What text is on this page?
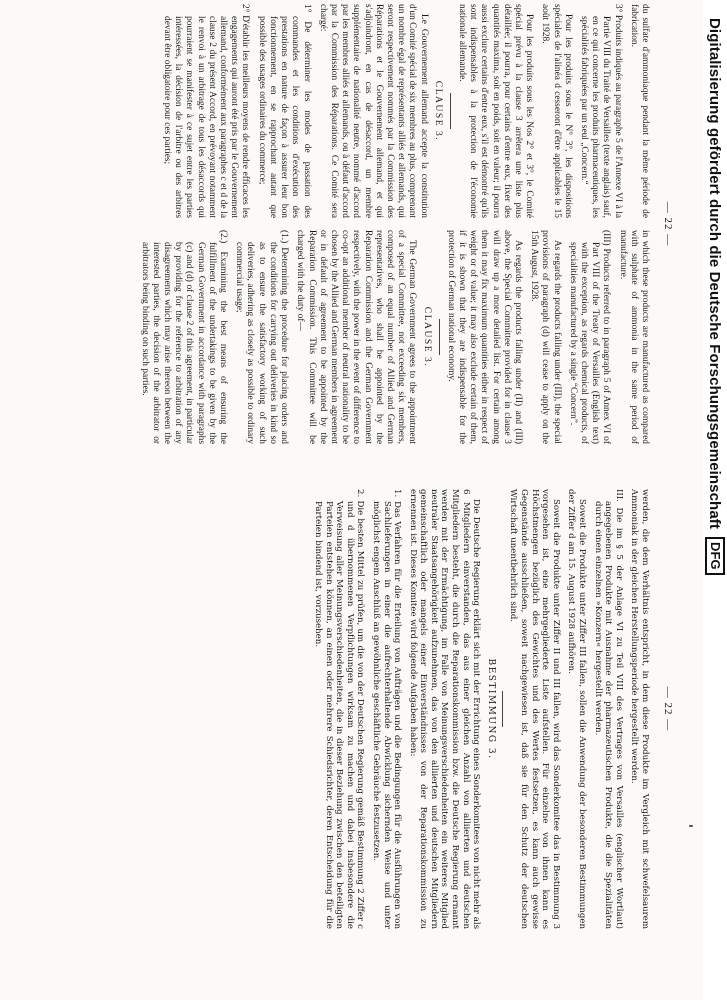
— 22 —

du sulfate d'ammoniaque pendant la même période de fabrication.

3° Produits indiqués au paragraphe 5 de l'Annexe VI à la Partie VIII du Traité de Versailles (texte anglais) sauf, en ce qui concerne les produits pharmaceutiques, les spécialités fabriquées par un seul „Concern.“

Pour les produits sous le N° 3°, les dispositions spéciales de l'alinéa d cesseront d'être applicables le 15 août 1928.

Pour les produits sous les Nos 2° et 3°, le Comité spécial prévu à la clause 3 arrêtera une liste plus détaillée; il pourra, pour certains d'entre eux, fixer des quantités maxima, soit en poids, soit en valeur; il pourra aussi exclure certains d'entre eux, s'il est démontré qu'ils sont indispensables à la protection de l'économie nationale allemande.

CLAUSE 3.

Le Gouvernement allemand accepte la constitution d'un Comité spécial de six membres au plus, comprenant un nombre égal de représentants alliés et allemands, qui seront respectivement nommés par la Commission des Réparations et le Gouvernement allemand, et qui s'adjoindront, en cas de désaccord, un membre supplémentaire de nationalité neutre, nommé d'accord par les membres alliés et allemands, ou à défaut d'accord par la Commission des Réparations. Ce Comité sera chargé:

1° De déterminer les modes de passation des commandes et les conditions d'exécution des prestations en nature de façon à assurer leur bon fonctionnement, en se rapprochant autant que possible des usages ordinaires du commerce;

2° D'établir les meilleurs moyens de rendre efficaces les engagements qui auront été pris par le Gouvernement allemand, conformément aux paragraphes c et d de la clause 2 du présent Accord, en prévoyant notamment le renvoi à un arbitrage de tous les désaccords qui pourraient se manifester à ce sujet entre les parties intéressées, la décision de l'arbitre ou des arbitres devant être obligatoire pour ces parties;

in which these products are manufactured as compared with sulphate of ammonia in the same period of manufacture.

(III) Products referred to in paragraph 5 of Annex VI of Part VIII of the Treaty of Versailles (English text) with the exception, as regards chemical products, of specialities manufactured by a single “Concern”.

As regards the products falling under (III), the special provisions of paragraph (d) will cease to apply on the 15th August, 1928.

As regards the products falling under (II) and (III) above, the Special Committee provided for in clause 3 will draw up a more detailed list. For certain among them it may fix maximum quantities either in respect of weight or of value; it may also exclude certain of them, if it is shown that they are indispensable for the protection of German national economy.

CLAUSE 3.

The German Government agrees to the appointment of a special Committee, not exceeding six members, composed of an equal number of Allied and German representatives, who shall be appointed by the Reparation Commission and the German Government respectively, with the power in the event of difference to co-opt an additional member of neutral nationality to be chosen by the Allied and German members in agreement or in default of agreement to be appointed by the Reparation Commission. This Committee will be charged with the duty of—

(1.) Determining the procedure for placing orders and the conditions for carrying out deliveries in kind so as to ensure the satisfactory working of such deliveries, adhering as closely as possible to ordinary commercial usage;

(2.) Examining the best means of ensuring the fulfillment of the undertakings to be given by the German Government in accordance with paragraphs (c) and (d) of clause 2 of this agreement, in particular by providing for the reference to arbitration of any disagreements which may arise thereon between the interested parties, the decision of the arbitrator or arbitrators being binding on such parties.

— 22 —

werden, die dem Verhältnis entspricht, in dem diese Produkte im Vergleich mit schwefelsaurem Ammoniak in der gleichen Herstellungsperiode hergestellt werden.

III. Die im § 5 der Anlage VI zu Teil VIII des Vertrages von Versailles (englischer Wortlaut) angegebenen Produkte mit Ausnahme der pharmazeutischen Produkte, die die Spezialitäten durch einen einzelnen »Konzern« hergestellt werden.

Soweit die Produkte unter Ziffer III fallen, sollen die Anwendung der besonderen Bestimmungen der Ziffer d am 15. August 1928 aufhören.

Soweit die Produkte unter Ziffer II und III fallen, wird das Sonderkomitee das in Bestimmung 3 vorgesehen ist, eine mehrgegliederte Liste aufstellen. Für einzelne von ihnen kann es Höchstmengen bezüglich des Gewichtes und des Wertes festsetzen, es kann auch gewisse Gegenstände ausschließen, soweit nachgewiesen ist, daß sie für den Schutz der deutschen Wirtschaft unentbehrlich sind.

BESTIMMUNG 3.

Die Deutsche Regierung erklärt sich mit der Errichtung eines Sonderkomitees von nicht mehr als 6 Mitgliedern einverstanden, das aus einer gleichen Anzahl von alliierten und deutschen Mitgliedern besteht, die durch die Reparationskommission bzw. die Deutsche Regierung ernannt werden mit der Ermächtigung, im Falle von Meinungsverschiedenheiten ein weiteres Mitglied neutraler Staatsangehörigkeit aufzunehmen, das von den alliierten und deutschen Mitgliedern gemeinschaftlich oder mangels einer Einverständnisses von der Reparationskommission zu ernennen ist. Dieses Komitee wird folgende Aufgaben haben:

1. Das Verfahren für die Erteilung von Aufträgen und die Bedingungen für die Ausführungen von Sachlieferungen in einer die aufrechterhaltende Abwicklung sichernden Weise und unter möglichst engem Anschluß an gewöhnliche geschäftliche Gebräuche festzusetzen.

2. Die besten Mittel zu prüfen, um die von der Deutschen Regierung gemäß Bestimmung 2 Ziffer c und d übernommenen Verpflichtungen wirksam zu machen und dabei insbesondere die Verweisung aller Meinungsverschiedenheiten, die in dieser Beziehung zwischen den beteiligten Parteien entstehen können, an einen oder mehrere Schiedsrichter, deren Entscheidung für die Parteien bindend ist, vorzusehen.

Digitalisierung gefördert durch die Deutsche Forschungsgemeinschaft
DFG
